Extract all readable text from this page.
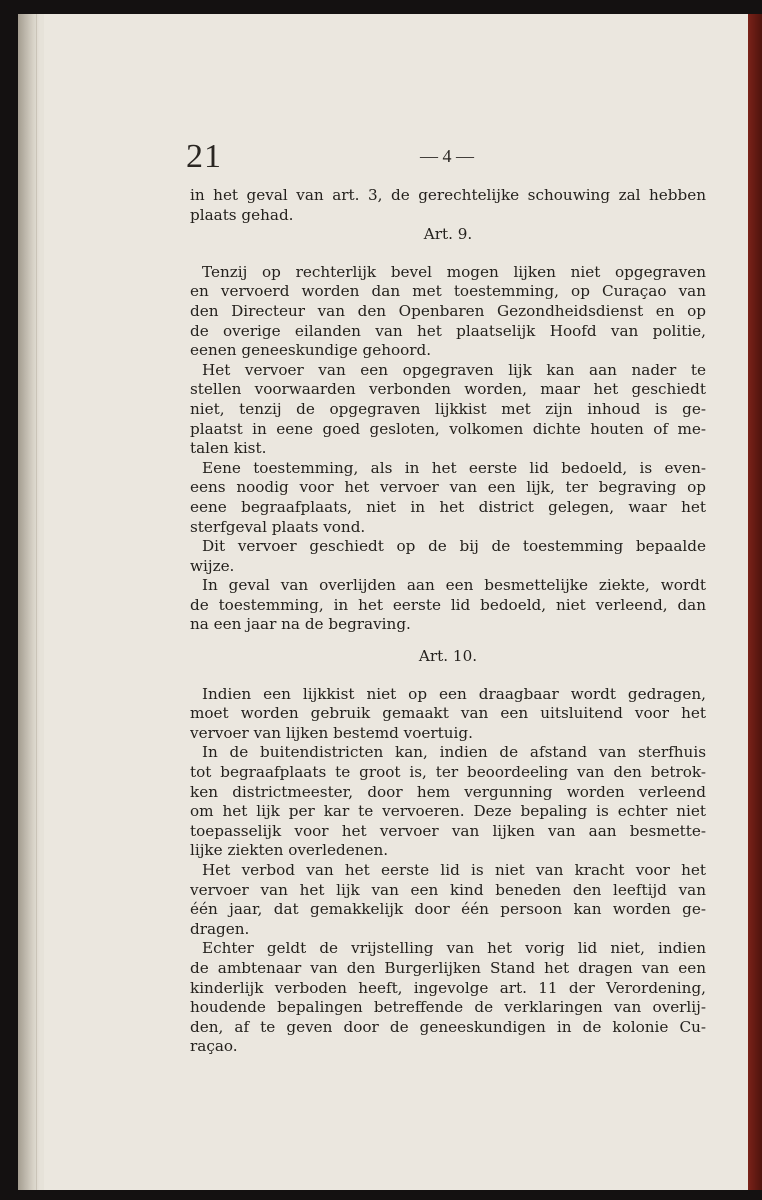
21	— 4 —
in het geval van art. 3, de gerechtelijke schouwing zal hebben
plaats gehad.
Art. 9.
Tenzij op rechterlijk bevel mogen lijken niet opgegraven
en vervoerd worden dan met toestemming, op Curaçao van
den Directeur van den Openbaren Gezondheidsdienst en op
de overige eilanden van het plaatselijk Hoofd van politie,
eenen geneeskundige gehoord.
Het vervoer van een opgegraven lijk kan aan nader te
stellen voorwaarden verbonden worden, maar het geschiedt
niet, tenzij de opgegraven lijkkist met zijn inhoud is ge-
plaatst in eene goed gesloten, volkomen dichte houten of me-
talen kist.
Eene toestemming, als in het eerste lid bedoeld, is even-
eens noodig voor het vervoer van een lijk, ter begraving op
eene begraafplaats, niet in het district gelegen, waar het
sterfgeval plaats vond.
Dit vervoer geschiedt op de bij de toestemming bepaalde
wijze.
In geval van overlijden aan een besmettelijke ziekte, wordt
de toestemming, in het eerste lid bedoeld, niet verleend, dan
na een jaar na de begraving.
Art. 10.
Indien een lijkkist niet op een draagbaar wordt gedragen,
moet worden gebruik gemaakt van een uitsluitend voor het
vervoer van lijken bestemd voertuig.
In de buitendistricten kan, indien de afstand van sterfhuis
tot begraafplaats te groot is, ter beoordeeling van den betrok-
ken districtmeester, door hem vergunning worden verleend
om het lijk per kar te vervoeren. Deze bepaling is echter niet
toepasselijk voor het vervoer van lijken van aan besmette-
lijke ziekten overledenen.
Het verbod van het eerste lid is niet van kracht voor het
vervoer van het lijk van een kind beneden den leeftijd van
één jaar, dat gemakkelijk door één persoon kan worden ge-
dragen.
Echter geldt de vrijstelling van het vorig lid niet, indien
de ambtenaar van den Burgerlijken Stand het dragen van een
kinderlijk verboden heeft, ingevolge art. 11 der Verordening,
houdende bepalingen betreffende de verklaringen van overlij-
den, af te geven door de geneeskundigen in de kolonie Cu-
raçao.
